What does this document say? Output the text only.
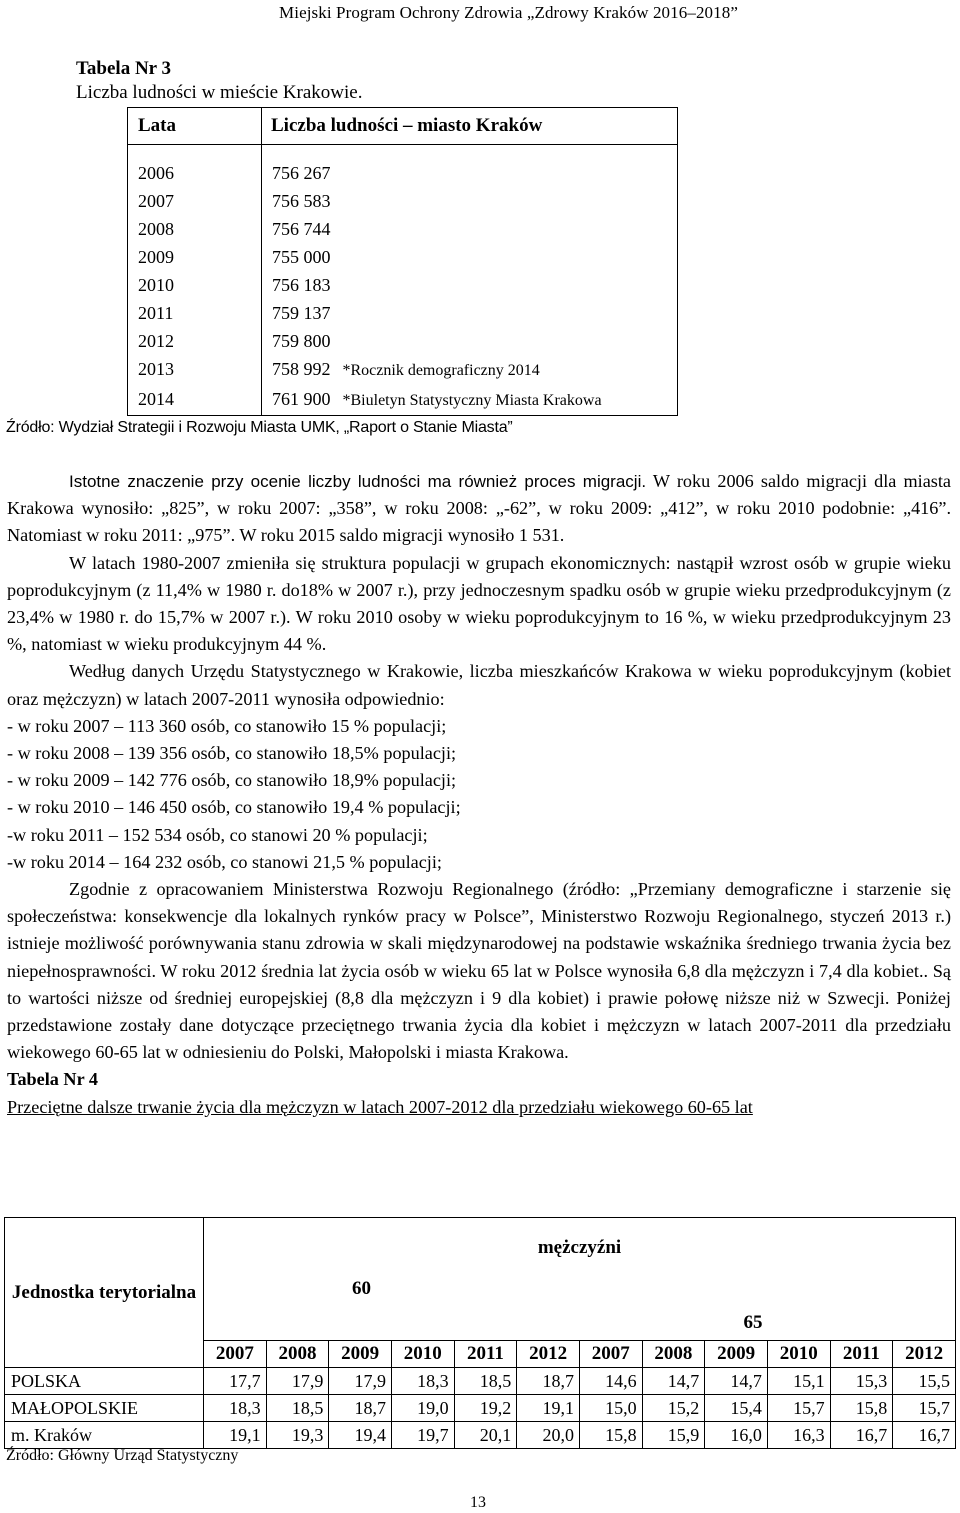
Miejski Program Ochrony Zdrowia „Zdrowy Kraków 2016–2018”
Tabela Nr 3
Liczba ludności w mieście Krakowie.
Lata	Liczba ludności – miasto Kraków

2006	756 267
2007	756 583
2008	756 744
2009	755 000
2010	756 183
2011	759 137
2012	759 800
2013	758 992 *Rocznik demograficzny 2014
2014	761 900 *Biuletyn Statystyczny Miasta Krakowa
Źródło: Wydział Strategii i Rozwoju Miasta UMK, „Raport o Stanie Miasta”

Istotne znaczenie przy ocenie liczby ludności ma również proces migracji. W roku 2006 saldo migracji dla miasta Krakowa wynosiło: „825”, w roku 2007: „358”, w roku 2008: „-62”, w roku 2009: „412”, w roku 2010 podobnie: „416”. Natomiast w roku 2011: „975”. W roku 2015 saldo migracji wynosiło 1 531.

W latach 1980-2007 zmieniła się struktura populacji w grupach ekonomicznych: nastąpił wzrost osób w grupie wieku poprodukcyjnym (z 11,4% w 1980 r. do18% w 2007 r.), przy jednoczesnym spadku osób w grupie wieku przedprodukcyjnym (z 23,4% w 1980 r. do 15,7% w 2007 r.). W roku 2010 osoby w wieku poprodukcyjnym to 16 %, w wieku przedprodukcyjnym 23 %, natomiast w wieku produkcyjnym 44 %.

Według danych Urzędu Statystycznego w Krakowie, liczba mieszkańców Krakowa w wieku poprodukcyjnym (kobiet oraz mężczyzn) w latach 2007-2011 wynosiła odpowiednio:

- w roku 2007 – 113 360 osób, co stanowiło 15 % populacji;
- w roku 2008 – 139 356 osób, co stanowiło 18,5% populacji;
- w roku 2009 – 142 776 osób, co stanowiło 18,9% populacji;
- w roku 2010 – 146 450 osób, co stanowiło 19,4 % populacji;
-w roku 2011 – 152 534 osób, co stanowi 20 % populacji;
-w roku 2014 – 164 232 osób, co stanowi 21,5 % populacji;

Zgodnie z opracowaniem Ministerstwa Rozwoju Regionalnego (źródło: „Przemiany demograficzne i starzenie się społeczeństwa: konsekwencje dla lokalnych rynków pracy w Polsce”, Ministerstwo Rozwoju Regionalnego, styczeń 2013 r.) istnieje możliwość porównywania stanu zdrowia w skali międzynarodowej na podstawie wskaźnika średniego trwania życia bez niepełnosprawności. W roku 2012 średnia lat życia osób w wieku 65 lat w Polsce wynosiła 6,8 dla mężczyzn i 7,4 dla kobiet.. Są to wartości niższe od średniej europejskiej (8,8 dla mężczyzn i 9 dla kobiet) i prawie połowę niższe niż w Szwecji. Poniżej przedstawione zostały dane dotyczące przeciętnego trwania życia dla kobiet i mężczyzn w latach 2007-2011 dla przedziału wiekowego 60-65 lat w odniesieniu do Polski, Małopolski i miasta Krakowa.

Tabela Nr 4

Przeciętne dalsze trwanie życia dla mężczyzn w latach 2007-2012 dla przedziału wiekowego 60-65 lat

Jednostka terytorialna	mężczyźni											
	60						65					
	2007	2008	2009	2010	2011	2012	2007	2008	2009	2010	2011	2012
POLSKA	17,7	17,9	17,9	18,3	18,5	18,7	14,6	14,7	14,7	15,1	15,3	15,5
MAŁOPOLSKIE	18,3	18,5	18,7	19,0	19,2	19,1	15,0	15,2	15,4	15,7	15,8	15,7
m. Kraków	19,1	19,3	19,4	19,7	20,1	20,0	15,8	15,9	16,0	16,3	16,7	16,7
Źródło: Główny Urząd Statystyczny
13
